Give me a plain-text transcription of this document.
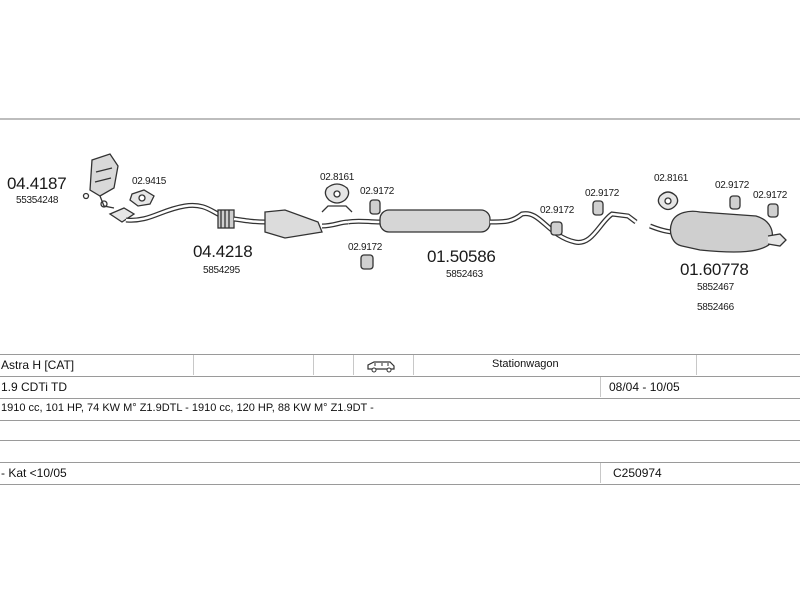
04.4187
55354248
02.9415
04.4218
5854295
02.8161
02.9172
02.9172	01.50586
5852463
02.9172
02.9172
02.8161
02.9172
02.9172
01.60778
5852467
5852466
Astra H [CAT]	Stationwagon
1.9 CDTi TD	08/04 - 10/05
1910 cc, 101 HP, 74 KW M° Z1.9DTL - 1910 cc, 120 HP, 88 KW M° Z1.9DT -
- Kat <10/05	C250974
